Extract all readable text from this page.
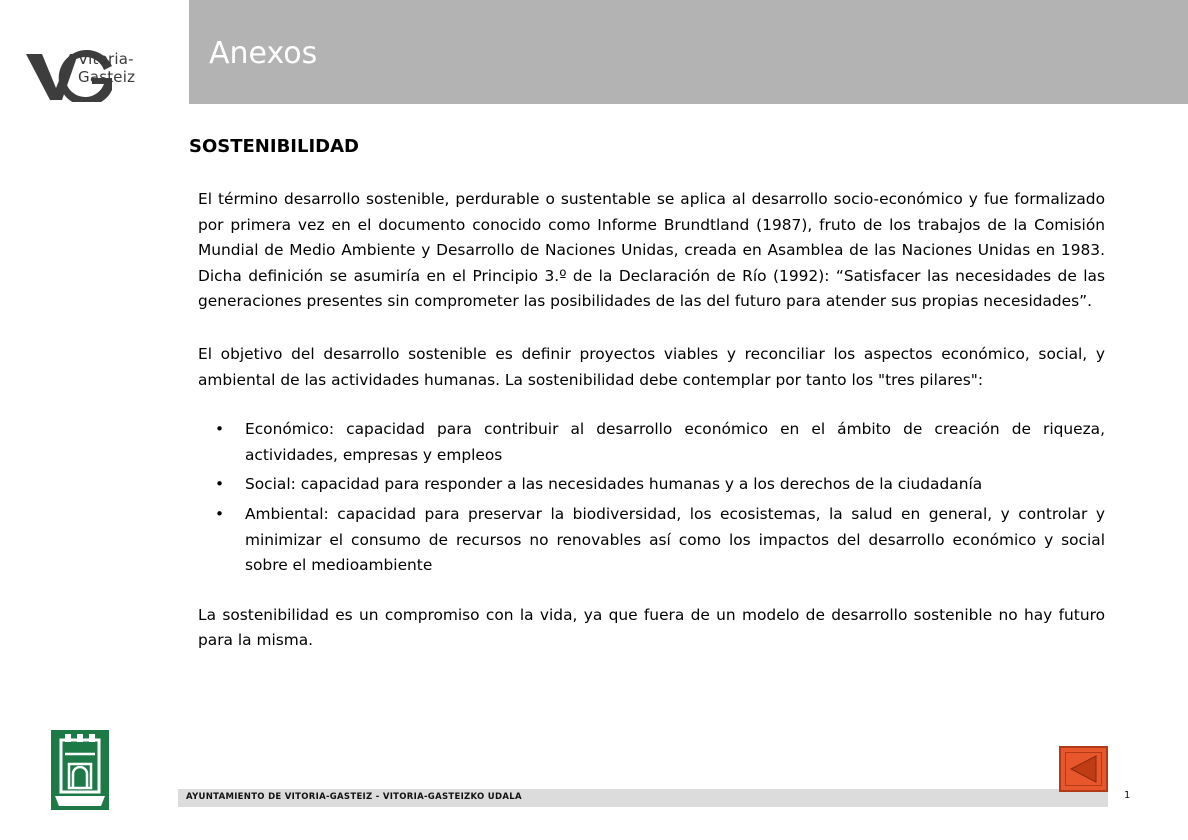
Vitoria-Gasteiz
Anexos
SOSTENIBILIDAD

El término desarrollo sostenible, perdurable o sustentable se aplica al desarrollo socio-económico y fue formalizado por primera vez en el documento conocido como Informe Brundtland (1987), fruto de los trabajos de la Comisión Mundial de Medio Ambiente y Desarrollo de Naciones Unidas, creada en Asamblea de las Naciones Unidas en 1983. Dicha definición se asumiría en el Principio 3.º de la Declaración de Río (1992): “Satisfacer las necesidades de las generaciones presentes sin comprometer las posibilidades de las del futuro para atender sus propias necesidades”.

El objetivo del desarrollo sostenible es definir proyectos viables y reconciliar los aspectos económico, social, y ambiental de las actividades humanas. La sostenibilidad debe contemplar por tanto los "tres pilares":

• Económico: capacidad para contribuir al desarrollo económico en el ámbito de creación de riqueza, actividades, empresas y empleos
• Social: capacidad para responder a las necesidades humanas y a los derechos de la ciudadanía
• Ambiental: capacidad para preservar la biodiversidad, los ecosistemas, la salud en general, y controlar y minimizar el consumo de recursos no renovables así como los impactos del desarrollo económico y social sobre el medioambiente

La sostenibilidad es un compromiso con la vida, ya que fuera de un modelo de desarrollo sostenible no hay futuro para la misma.

AYUNTAMIENTO DE VITORIA-GASTEIZ - VITORIA-GASTEIZKO UDALA	1
